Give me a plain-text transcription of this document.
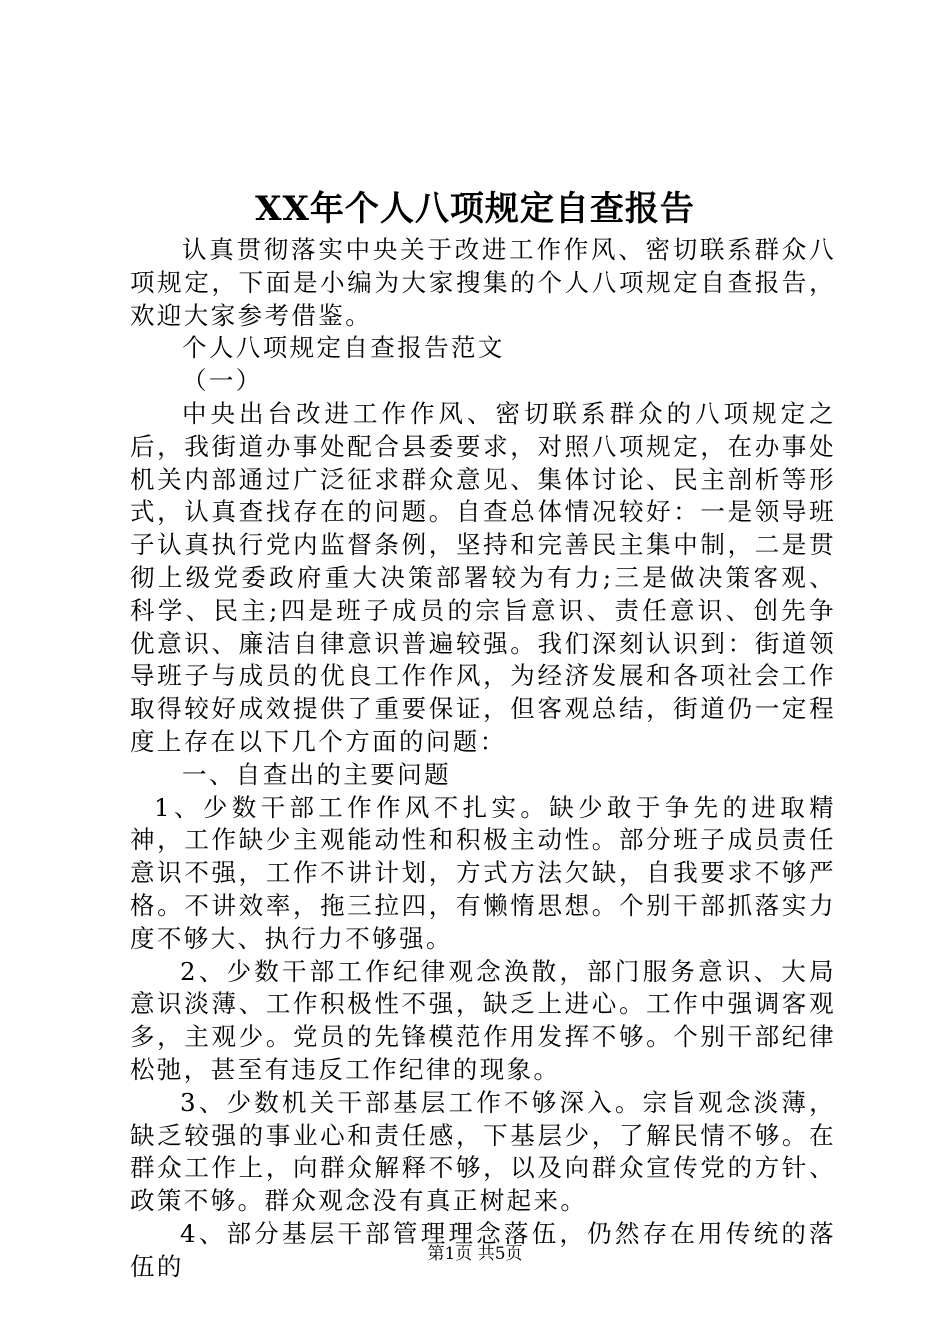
XX年个人八项规定自查报告

认真贯彻落实中央关于改进工作作风、密切联系群众八项规定，下面是小编为大家搜集的个人八项规定自查报告，欢迎大家参考借鉴。

个人八项规定自查报告范文

（一）

中央出台改进工作作风、密切联系群众的八项规定之后，我街道办事处配合县委要求，对照八项规定，在办事处机关内部通过广泛征求群众意见、集体讨论、民主剖析等形式，认真查找存在的问题。自查总体情况较好：一是领导班子认真执行党内监督条例，坚持和完善民主集中制，二是贯彻上级党委政府重大决策部署较为有力;三是做决策客观、科学、民主;四是班子成员的宗旨意识、责任意识、创先争优意识、廉洁自律意识普遍较强。我们深刻认识到：街道领导班子与成员的优良工作作风，为经济发展和各项社会工作取得较好成效提供了重要保证，但客观总结，街道仍一定程度上存在以下几个方面的问题：

一、自查出的主要问题

1、少数干部工作作风不扎实。缺少敢于争先的进取精神，工作缺少主观能动性和积极主动性。部分班子成员责任意识不强，工作不讲计划，方式方法欠缺，自我要求不够严格。不讲效率，拖三拉四，有懒惰思想。个别干部抓落实力度不够大、执行力不够强。

2、少数干部工作纪律观念涣散，部门服务意识、大局意识淡薄、工作积极性不强，缺乏上进心。工作中强调客观多，主观少。党员的先锋模范作用发挥不够。个别干部纪律松弛，甚至有违反工作纪律的现象。

3、少数机关干部基层工作不够深入。宗旨观念淡薄，缺乏较强的事业心和责任感，下基层少，了解民情不够。在群众工作上，向群众解释不够，以及向群众宣传党的方针、政策不够。群众观念没有真正树起来。

4、部分基层干部管理理念落伍，仍然存在用传统的落伍的	第1页 共5页
